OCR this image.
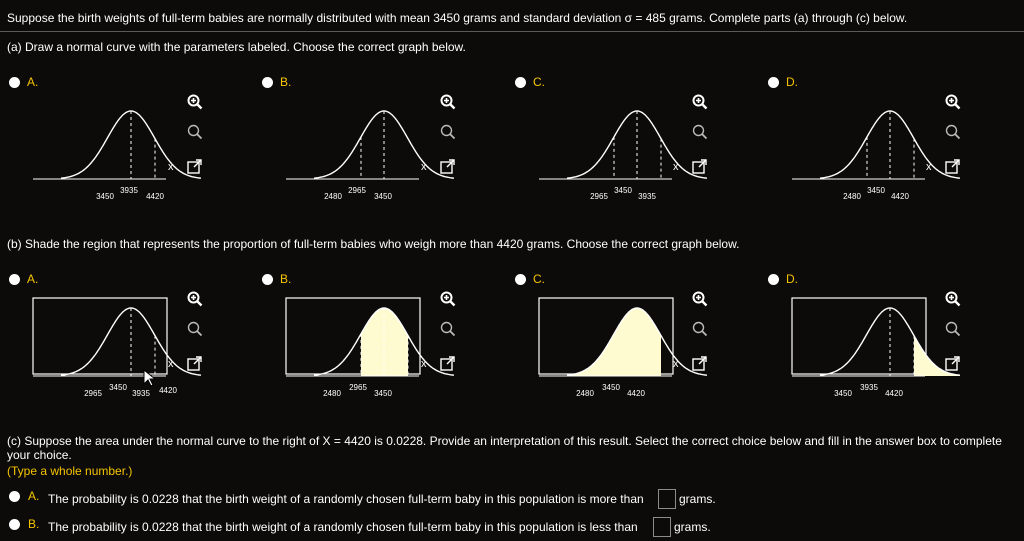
Suppose the birth weights of full-term babies are normally distributed with mean 3450 grams and standard deviation σ = 485 grams. Complete parts (a) through (c) below.
(a) Draw a normal curve with the parameters labeled. Choose the correct graph below.
A.
x
3450
3935
4420
B.
x
2480
2965
3450
C.
x
2965
3450
3935
D.
x
2480
3450
4420
(b) Shade the region that represents the proportion of full-term babies who weigh more than 4420 grams. Choose the correct graph below.
A.
x
2965
3450
3935 4420
B.
x
2480
2965
3450
C.
x
2480
3450
4420
D.
3450
3935
4420
(c) Suppose the area under the normal curve to the right of X = 4420 is 0.0228. Provide an interpretation of this result. Select the correct choice below and fill in the answer box to complete
your choice.
(Type a whole number.)
A. The probability is 0.0228 that the birth weight of a randomly chosen full-term baby in this population is more than	grams.
B. The probability is 0.0228 that the birth weight of a randomly chosen full-term baby in this population is less than	grams.
